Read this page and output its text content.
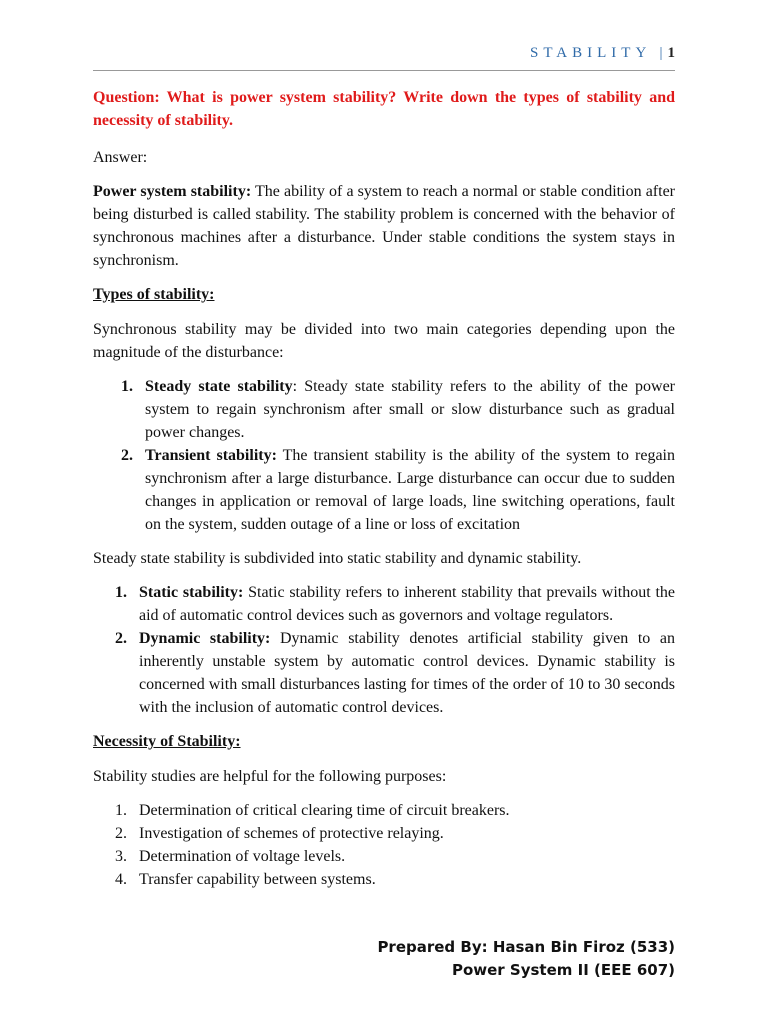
STABILITY |1

Question: What is power system stability? Write down the types of stability and necessity of stability.

Answer:

Power system stability: The ability of a system to reach a normal or stable condition after being disturbed is called stability. The stability problem is concerned with the behavior of synchronous machines after a disturbance. Under stable conditions the system stays in synchronism.

Types of stability:

Synchronous stability may be divided into two main categories depending upon the magnitude of the disturbance:

1. Steady state stability: Steady state stability refers to the ability of the power system to regain synchronism after small or slow disturbance such as gradual power changes.
2. Transient stability: The transient stability is the ability of the system to regain synchronism after a large disturbance. Large disturbance can occur due to sudden changes in application or removal of large loads, line switching operations, fault on the system, sudden outage of a line or loss of excitation

Steady state stability is subdivided into static stability and dynamic stability.

1. Static stability: Static stability refers to inherent stability that prevails without the aid of automatic control devices such as governors and voltage regulators.
2. Dynamic stability: Dynamic stability denotes artificial stability given to an inherently unstable system by automatic control devices. Dynamic stability is concerned with small disturbances lasting for times of the order of 10 to 30 seconds with the inclusion of automatic control devices.
Necessity of Stability:

Stability studies are helpful for the following purposes:

1. Determination of critical clearing time of circuit breakers.
2. Investigation of schemes of protective relaying.
3. Determination of voltage levels.
4. Transfer capability between systems.
Prepared By: Hasan Bin Firoz (533)
Power System II (EEE 607)
